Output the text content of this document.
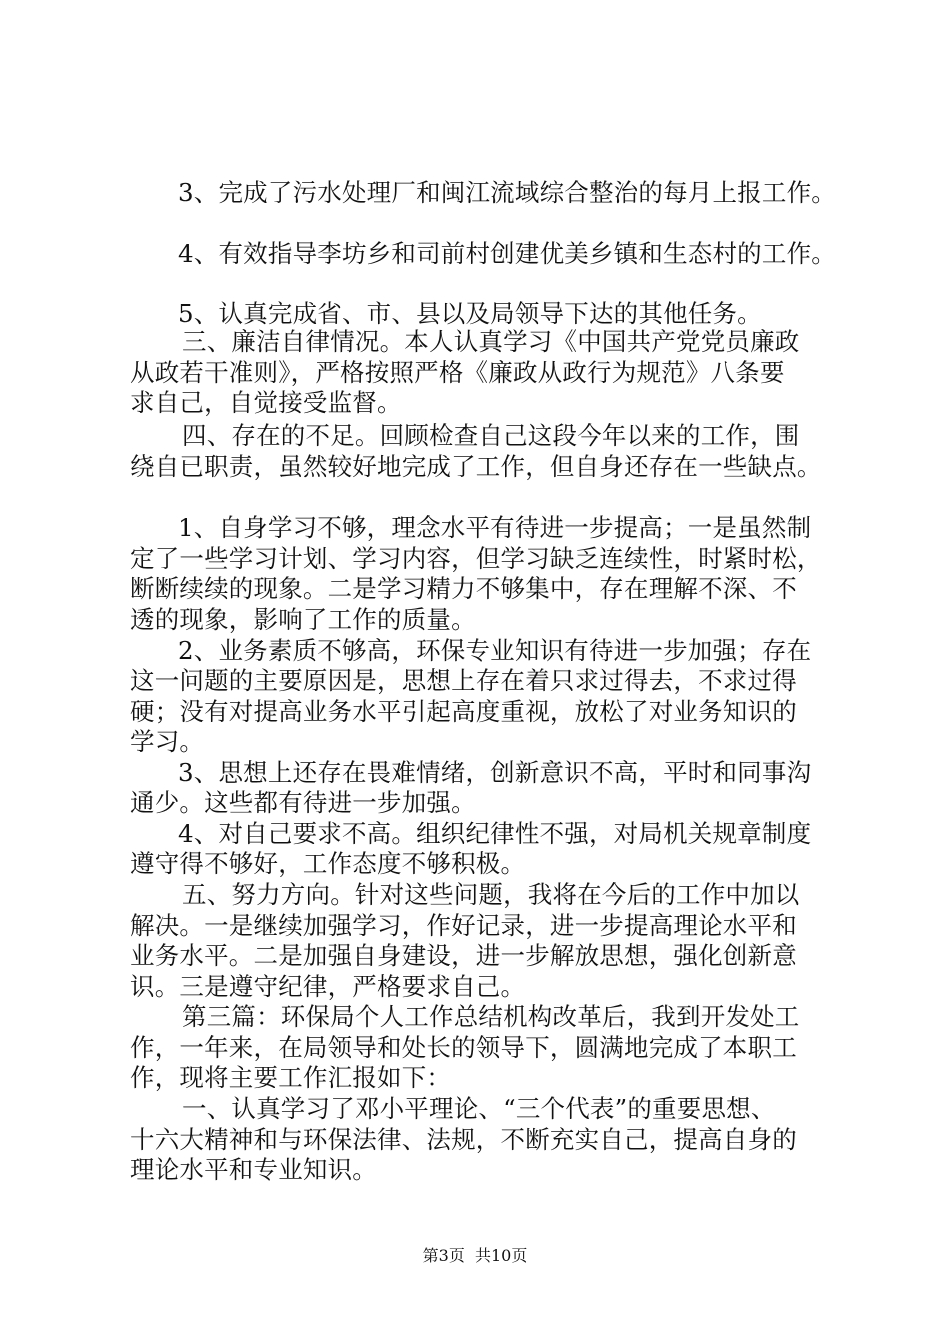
3、完成了污水处理厂和闽江流域综合整治的每月上报工作。
4、有效指导李坊乡和司前村创建优美乡镇和生态村的工作。
5、认真完成省、市、县以及局领导下达的其他任务。
三、廉洁自律情况。本人认真学习《中国共产党党员廉政
从政若干准则》，严格按照严格《廉政从政行为规范》八条要
求自己，自觉接受监督。
四、存在的不足。回顾检查自己这段今年以来的工作，围
绕自已职责，虽然较好地完成了工作，但自身还存在一些缺点。
1、自身学习不够，理念水平有待进一步提高；一是虽然制
定了一些学习计划、学习内容，但学习缺乏连续性，时紧时松，
断断续续的现象。二是学习精力不够集中，存在理解不深、不
透的现象，影响了工作的质量。
2、业务素质不够高，环保专业知识有待进一步加强；存在
这一问题的主要原因是，思想上存在着只求过得去，不求过得
硬；没有对提高业务水平引起高度重视，放松了对业务知识的
学习。
3、思想上还存在畏难情绪，创新意识不高，平时和同事沟
通少。这些都有待进一步加强。
4、对自己要求不高。组织纪律性不强，对局机关规章制度
遵守得不够好，工作态度不够积极。
五、努力方向。针对这些问题，我将在今后的工作中加以
解决。一是继续加强学习，作好记录，进一步提高理论水平和
业务水平。二是加强自身建设，进一步解放思想，强化创新意
识。三是遵守纪律，严格要求自己。
第三篇：环保局个人工作总结机构改革后，我到开发处工
作，一年来，在局领导和处长的领导下，圆满地完成了本职工
作，现将主要工作汇报如下：
一、认真学习了邓小平理论、“三个代表”的重要思想、
十六大精神和与环保法律、法规，不断充实自己，提高自身的
理论水平和专业知识。
第3页  共10页
